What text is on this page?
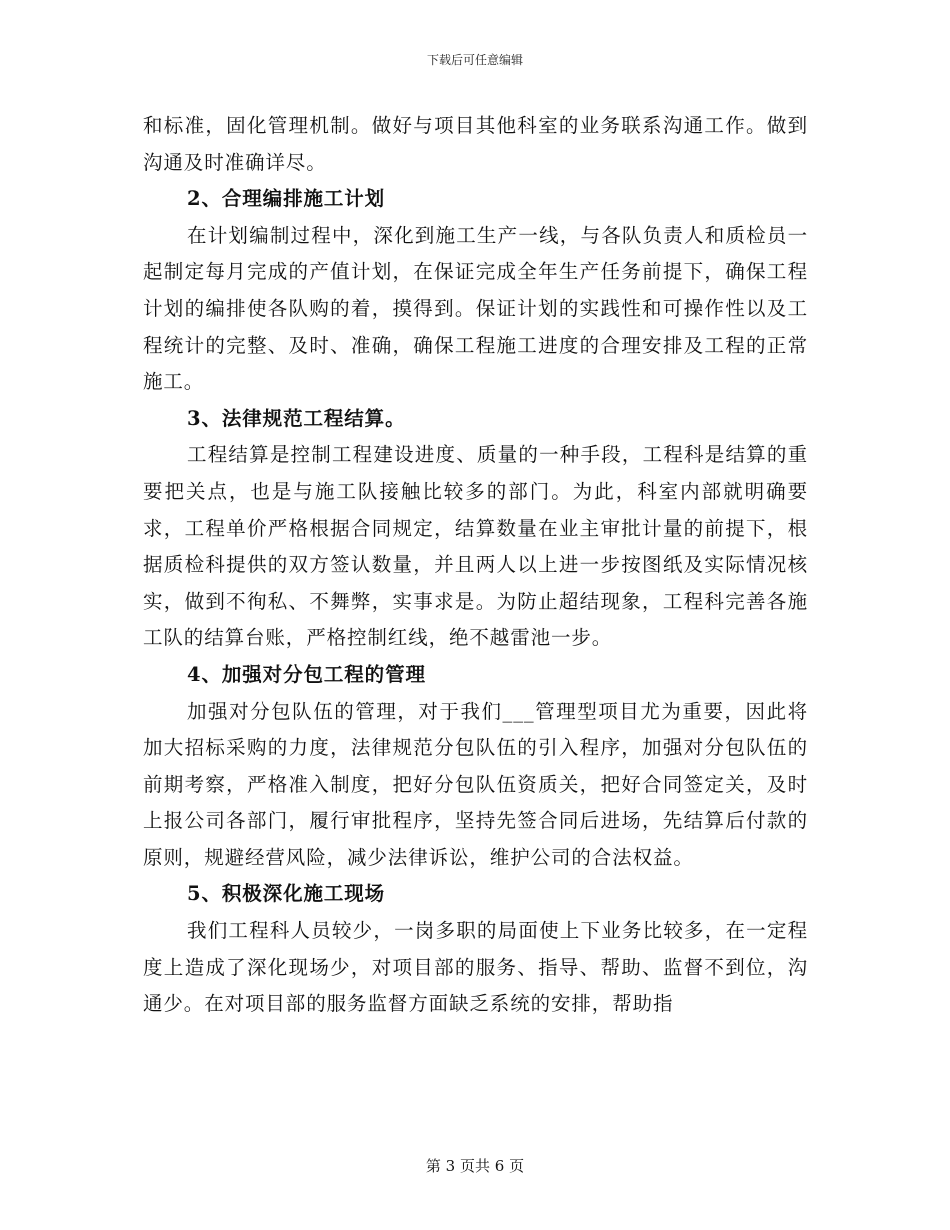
下载后可任意编辑

和标准，固化管理机制。做好与项目其他科室的业务联系沟通工作。做到沟通及时准确详尽。

2、合理编排施工计划

在计划编制过程中，深化到施工生产一线，与各队负责人和质检员一起制定每月完成的产值计划，在保证完成全年生产任务前提下，确保工程计划的编排使各队购的着，摸得到。保证计划的实践性和可操作性以及工程统计的完整、及时、准确，确保工程施工进度的合理安排及工程的正常施工。

3、法律规范工程结算。

工程结算是控制工程建设进度、质量的一种手段，工程科是结算的重要把关点，也是与施工队接触比较多的部门。为此，科室内部就明确要求，工程单价严格根据合同规定，结算数量在业主审批计量的前提下，根据质检科提供的双方签认数量，并且两人以上进一步按图纸及实际情况核实，做到不徇私、不舞弊，实事求是。为防止超结现象，工程科完善各施工队的结算台账，严格控制红线，绝不越雷池一步。

4、加强对分包工程的管理

加强对分包队伍的管理，对于我们___管理型项目尤为重要，因此将加大招标采购的力度，法律规范分包队伍的引入程序，加强对分包队伍的前期考察，严格准入制度，把好分包队伍资质关，把好合同签定关，及时上报公司各部门，履行审批程序，坚持先签合同后进场，先结算后付款的原则，规避经营风险，减少法律诉讼，维护公司的合法权益。

5、积极深化施工现场

我们工程科人员较少，一岗多职的局面使上下业务比较多，在一定程度上造成了深化现场少，对项目部的服务、指导、帮助、监督不到位，沟通少。在对项目部的服务监督方面缺乏系统的安排，帮助指

第 3 页共 6 页
